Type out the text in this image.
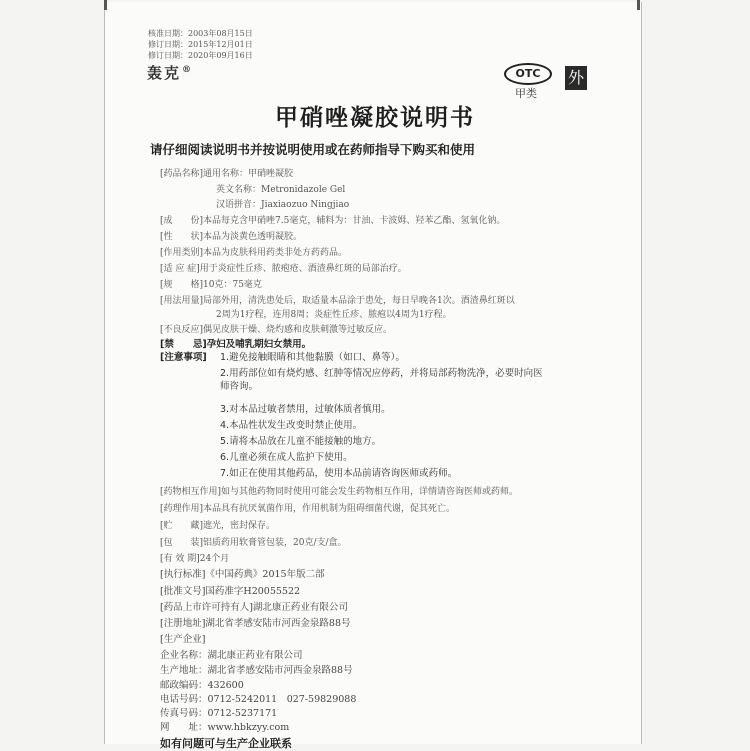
核准日期：2003年08月15日
修订日期：2015年12月01日
修订日期：2020年09月16日
轰克®	OTC
甲类
外
甲硝唑凝胶说明书
请仔细阅读说明书并按说明使用或在药师指导下购买和使用
[药品名称]通用名称：甲硝唑凝胶
英文名称：Metronidazole Gel
汉语拼音：Jiaxiaozuo Ningjiao
[成　　份]本品每克含甲硝唑7.5毫克，辅料为：甘油、卡波姆、羟苯乙酯、氢氧化钠。
[性　　状]本品为淡黄色透明凝胶。
[作用类别]本品为皮肤科用药类非处方药药品。
[适 应 症]用于炎症性丘疹、脓疱疮、酒渣鼻红斑的局部治疗。
[规　　格]10克：75毫克
[用法用量]局部外用，清洗患处后，取适量本品涂于患处，每日早晚各1次。酒渣鼻红斑以
2周为1疗程，连用8周；炎症性丘疹、脓疱以4周为1疗程。
[不良反应]偶见皮肤干燥、烧灼感和皮肤刺激等过敏反应。
[禁　　忌]孕妇及哺乳期妇女禁用。
[注意事项] 1.避免接触眼睛和其他黏膜（如口、鼻等）。
2.用药部位如有烧灼感、红肿等情况应停药，并将局部药物洗净，必要时向医
师咨询。
3.对本品过敏者禁用，过敏体质者慎用。
4.本品性状发生改变时禁止使用。
5.请将本品放在儿童不能接触的地方。
6.儿童必须在成人监护下使用。
7.如正在使用其他药品，使用本品前请咨询医师或药师。
[药物相互作用]如与其他药物同时使用可能会发生药物相互作用，详情请咨询医师或药师。
[药理作用]本品具有抗厌氧菌作用，作用机制为阻碍细菌代谢，促其死亡。
[贮　　藏]遮光，密封保存。
[包　　装]铝质药用软膏管包装，20克/支/盒。
[有 效 期]24个月
[执行标准]《中国药典》2015年版二部
[批准文号]国药准字H20055522
[药品上市许可持有人]湖北康正药业有限公司
[注册地址]湖北省孝感安陆市河西金泉路88号
[生产企业]
企业名称：湖北康正药业有限公司
生产地址：湖北省孝感安陆市河西金泉路88号
邮政编码：432600
电话号码：0712-5242011　027-59829088
传真号码：0712-5237171
网　　址：www.hbkzyy.com
如有问题可与生产企业联系
